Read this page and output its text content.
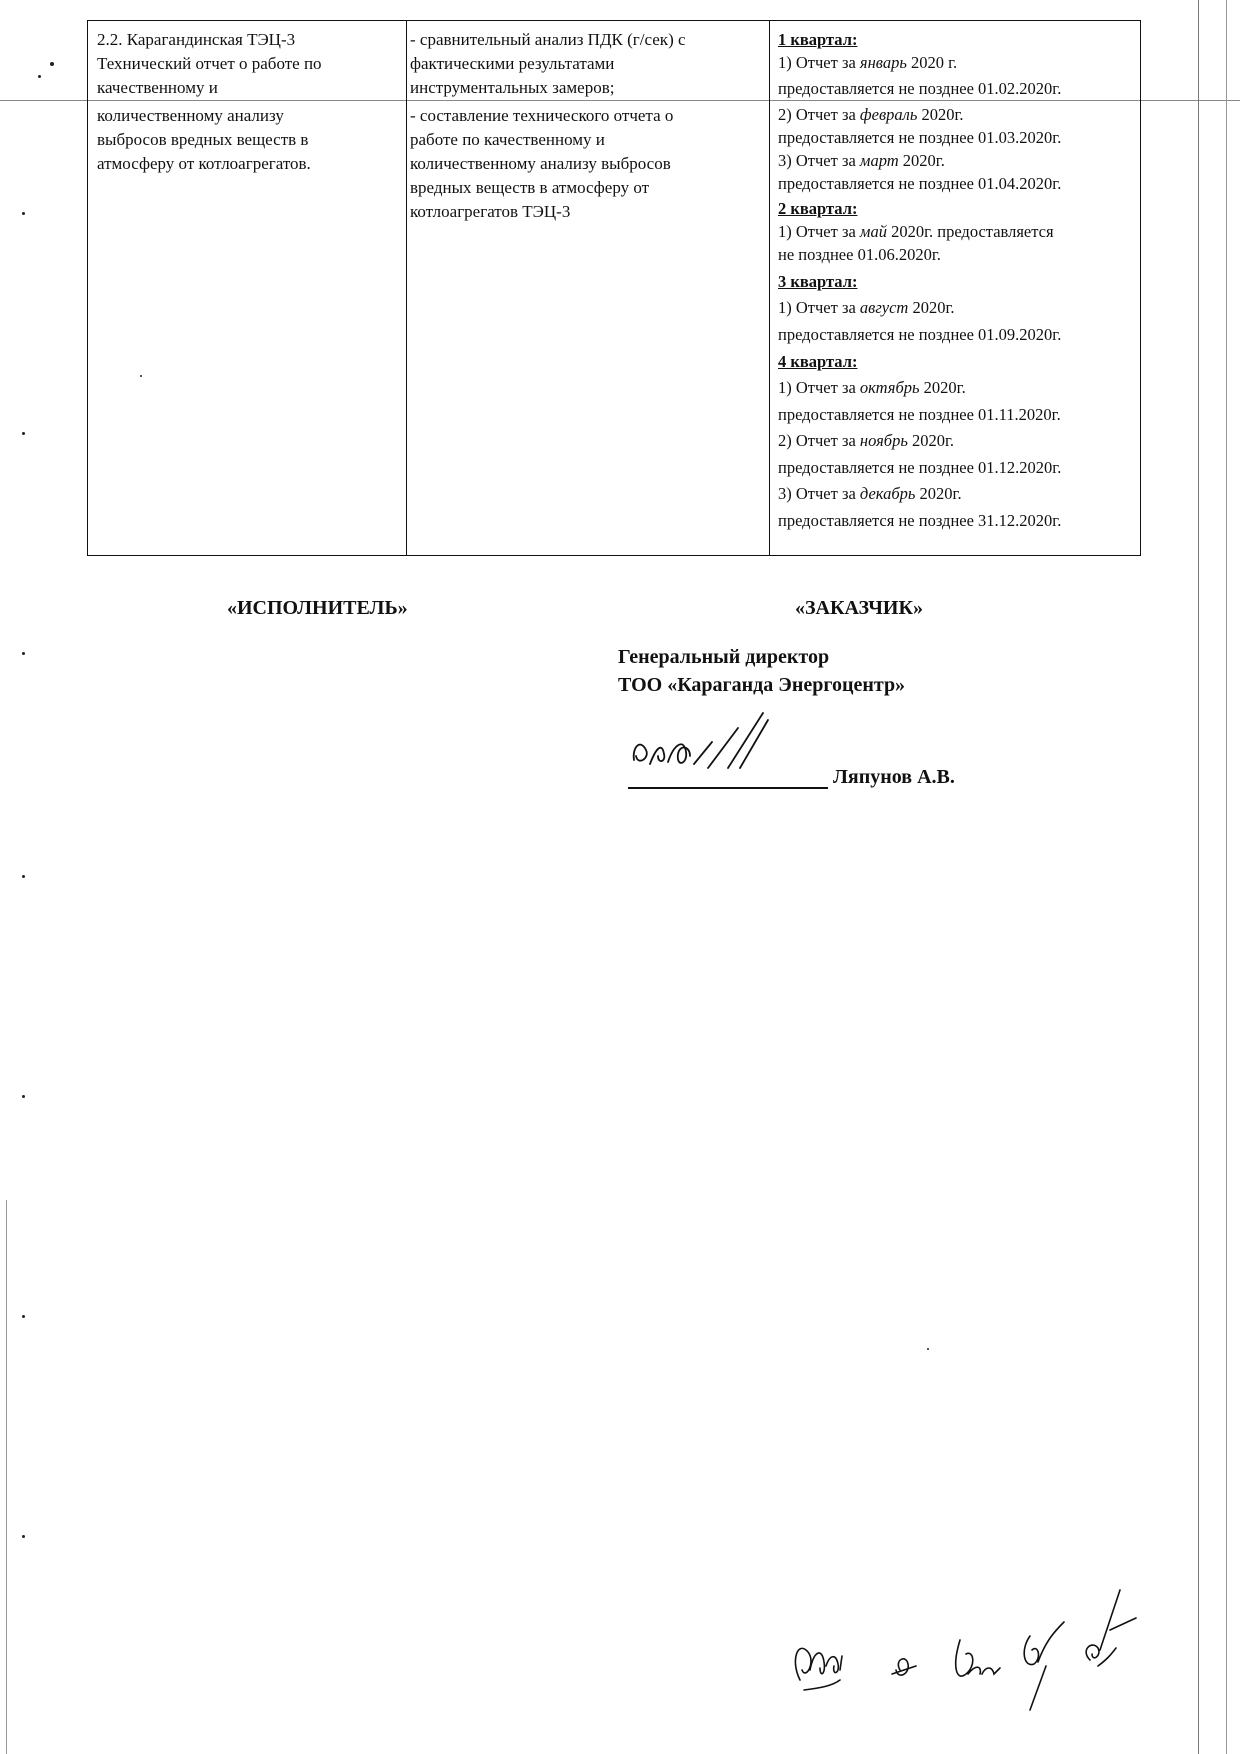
2.2. Карагандинская ТЭЦ-3
Технический отчет о работе по
качественному и
количественному анализу
выбросов вредных веществ в
атмосферу от котлоагрегатов.
- сравнительный анализ ПДК (г/сек) с
фактическими результатами
инструментальных замеров;
- составление технического отчета о
работе по качественному и
количественному анализу выбросов
вредных веществ в атмосферу от
котлоагрегатов ТЭЦ-3
1 квартал:
1) Отчет за январь 2020 г.
предоставляется не позднее 01.02.2020г.
2) Отчет за февраль 2020г.
предоставляется не позднее 01.03.2020г.
3) Отчет за март 2020г.
предоставляется не позднее 01.04.2020г.
2 квартал:
1) Отчет за май 2020г. предоставляется
не позднее 01.06.2020г.
3 квартал:
1) Отчет за август 2020г.
предоставляется не позднее 01.09.2020г.
4 квартал:
1) Отчет за октябрь 2020г.
предоставляется не позднее 01.11.2020г.
2) Отчет за ноябрь 2020г.
предоставляется не позднее 01.12.2020г.
3) Отчет за декабрь 2020г.
предоставляется не позднее 31.12.2020г.
«ИСПОЛНИТЕЛЬ»	«ЗАКАЗЧИК»
Генеральный директор
ТОО «Караганда Энергоцентр»
Ляпунов А.В.
